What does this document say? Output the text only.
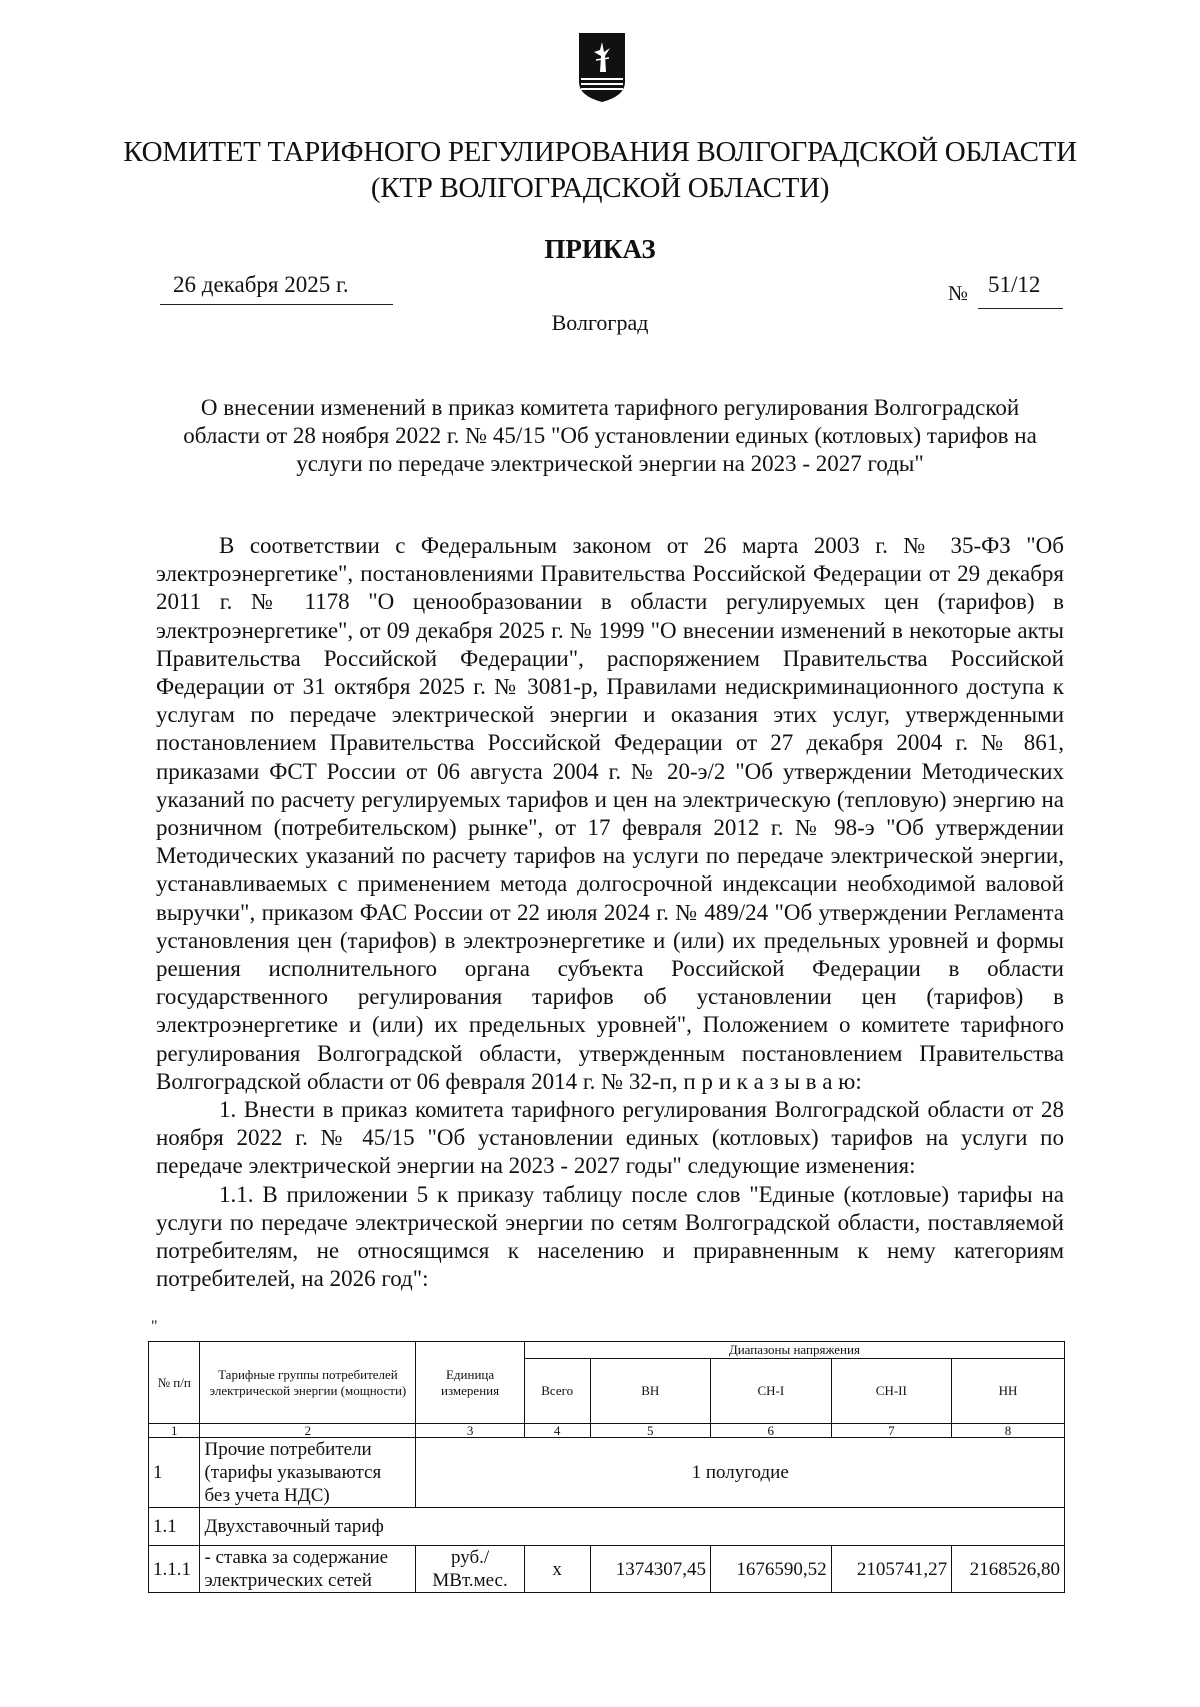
КОМИТЕТ ТАРИФНОГО РЕГУЛИРОВАНИЯ ВОЛГОГРАДСКОЙ ОБЛАСТИ
(КТР ВОЛГОГРАДСКОЙ ОБЛАСТИ)
ПРИКАЗ
26 декабря 2025 г.	№ 51/12
Волгоград
О внесении изменений в приказ комитета тарифного регулирования Волгоградской области от 28 ноября 2022 г. № 45/15 "Об установлении единых (котловых) тарифов на услуги по передаче электрической энергии на 2023 - 2027 годы"

В соответствии с Федеральным законом от 26 марта 2003 г. № 35-ФЗ "Об электроэнергетике", постановлениями Правительства Российской Федерации от 29 декабря 2011 г. № 1178 "О ценообразовании в области регулируемых цен (тарифов) в электроэнергетике", от 09 декабря 2025 г. № 1999 "О внесении изменений в некоторые акты Правительства Российской Федерации", распоряжением Правительства Российской Федерации от 31 октября 2025 г. № 3081-р, Правилами недискриминационного доступа к услугам по передаче электрической энергии и оказания этих услуг, утвержденными постановлением Правительства Российской Федерации от 27 декабря 2004 г. № 861, приказами ФСТ России от 06 августа 2004 г. № 20-э/2 "Об утверждении Методических указаний по расчету регулируемых тарифов и цен на электрическую (тепловую) энергию на розничном (потребительском) рынке", от 17 февраля 2012 г. № 98-э "Об утверждении Методических указаний по расчету тарифов на услуги по передаче электрической энергии, устанавливаемых с применением метода долгосрочной индексации необходимой валовой выручки", приказом ФАС России от 22 июля 2024 г. № 489/24 "Об утверждении Регламента установления цен (тарифов) в электроэнергетике и (или) их предельных уровней и формы решения исполнительного органа субъекта Российской Федерации в области государственного регулирования тарифов об установлении цен (тарифов) в электроэнергетике и (или) их предельных уровней", Положением о комитете тарифного регулирования Волгоградской области, утвержденным постановлением Правительства Волгоградской области от 06 февраля 2014 г. № 32-п, п р и к а з ы в а ю:

1. Внести в приказ комитета тарифного регулирования Волгоградской области от 28 ноября 2022 г. № 45/15 "Об установлении единых (котловых) тарифов на услуги по передаче электрической энергии на 2023 - 2027 годы" следующие изменения:

1.1. В приложении 5 к приказу таблицу после слов "Единые (котловые) тарифы на услуги по передаче электрической энергии по сетям Волгоградской области, поставляемой потребителям, не относящимся к населению и приравненным к нему категориям потребителей, на 2026 год":

"
№ п/п	Тарифные группы потребителей электрической энергии (мощности)	Единица измерения	Диапазоны напряжения				
			Всего	ВН	СН-I	СН-II	НН
1	2	3	4	5	6	7	8
1	Прочие потребители (тарифы указываются без учета НДС)	1 полугодие					
1.1	Двухставочный тариф						
1.1.1	- ставка за содержание электрических сетей	руб./ МВт.мес.	x	1374307,45	1676590,52	2105741,27	2168526,80
